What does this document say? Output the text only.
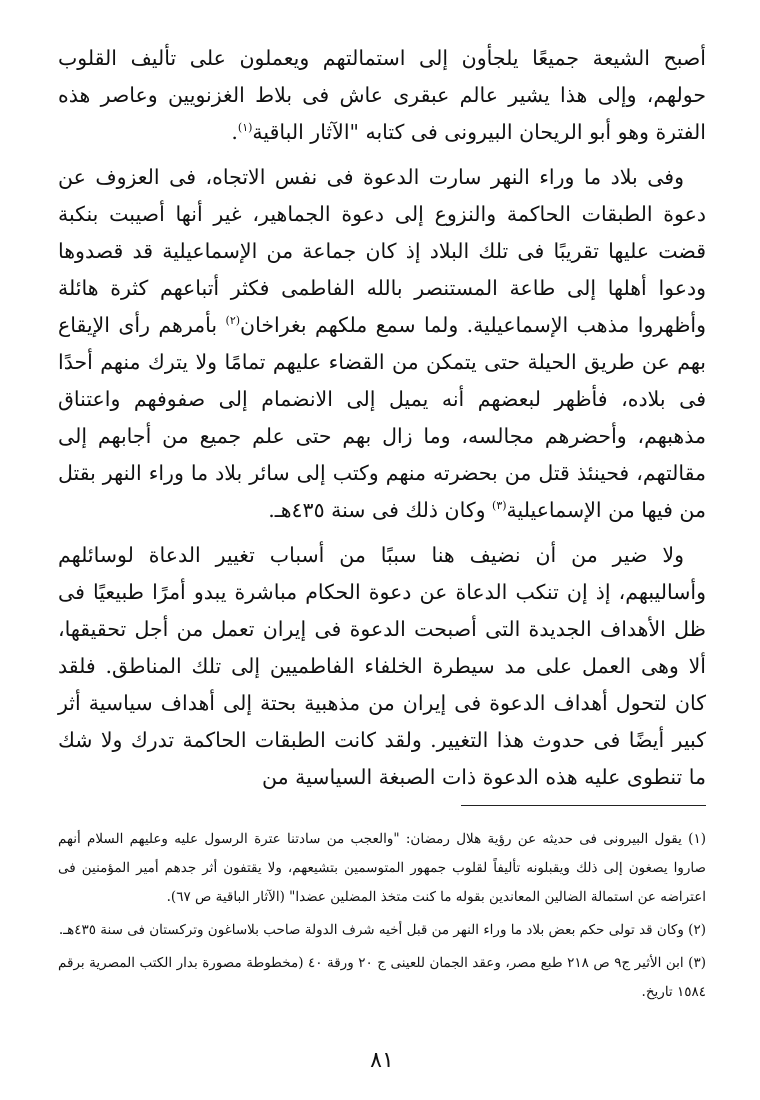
أصبح الشيعة جميعًا يلجأون إلى استمالتهم ويعملون على تأليف القلوب حولهم، وإلى هذا يشير عالم عبقرى عاش فى بلاط الغزنويين وعاصر هذه الفترة وهو أبو الريحان البيرونى فى كتابه "الآثار الباقية$^{(١)}$.

وفى بلاد ما وراء النهر سارت الدعوة فى نفس الاتجاه، فى العزوف عن دعوة الطبقات الحاكمة والنزوع إلى دعوة الجماهير، غير أنها أصيبت بنكبة قضت عليها تقريبًا فى تلك البلاد إذ كان جماعة من الإسماعيلية قد قصدوها ودعوا أهلها إلى طاعة المستنصر بالله الفاطمى فكثر أتباعهم كثرة هائلة وأظهروا مذهب الإسماعيلية. ولما سمع ملكهم بغراخان$^{(٢)}$ بأمرهم رأى الإيقاع بهم عن طريق الحيلة حتى يتمكن من القضاء عليهم تمامًا ولا يترك منهم أحدًا فى بلاده، فأظهر لبعضهم أنه يميل إلى الانضمام إلى صفوفهم واعتناق مذهبهم، وأحضرهم مجالسه، وما زال بهم حتى علم جميع من أجابهم إلى مقالتهم، فحينئذ قتل من بحضرته منهم وكتب إلى سائر بلاد ما وراء النهر بقتل من فيها من الإسماعيلية$^{(٣)}$ وكان ذلك فى سنة ٤٣٥هـ.

ولا ضير من أن نضيف هنا سببًا من أسباب تغيير الدعاة لوسائلهم وأساليبهم، إذ إن تنكب الدعاة عن دعوة الحكام مباشرة يبدو أمرًا طبيعيًا فى ظل الأهداف الجديدة التى أصبحت الدعوة فى إيران تعمل من أجل تحقيقها، ألا وهى العمل على مد سيطرة الخلفاء الفاطميين إلى تلك المناطق. فلقد كان لتحول أهداف الدعوة فى إيران من مذهبية بحتة إلى أهداف سياسية أثر كبير أيضًا فى حدوث هذا التغيير. ولقد كانت الطبقات الحاكمة تدرك ولا شك ما تنطوى عليه هذه الدعوة ذات الصبغة السياسية من

(١) يقول البيرونى فى حديثه عن رؤية هلال رمضان: "والعجب من سادتنا عترة الرسول عليه وعليهم السلام أنهم صاروا يصغون إلى ذلك ويقبلونه تأليفاً لقلوب جمهور المتوسمين بتشيعهم، ولا يقتفون أثر جدهم أمير المؤمنين فى اعتراضه عن استمالة الضالين المعاندين بقوله ما كنت متخذ المضلين عضدا" (الآثار الباقية ص ٦٧).

(٢) وكان قد تولى حكم بعض بلاد ما وراء النهر من قبل أخيه شرف الدولة صاحب بلاساغون وتركستان فى سنة ٤٣٥هـ.

(٣) ابن الأثير ج٩ ص ٢١٨ طبع مصر، وعقد الجمان للعينى ج ٢٠ ورقة ٤٠ (مخطوطة مصورة بدار الكتب المصرية برقم ١٥٨٤ تاريخ.

٨١
